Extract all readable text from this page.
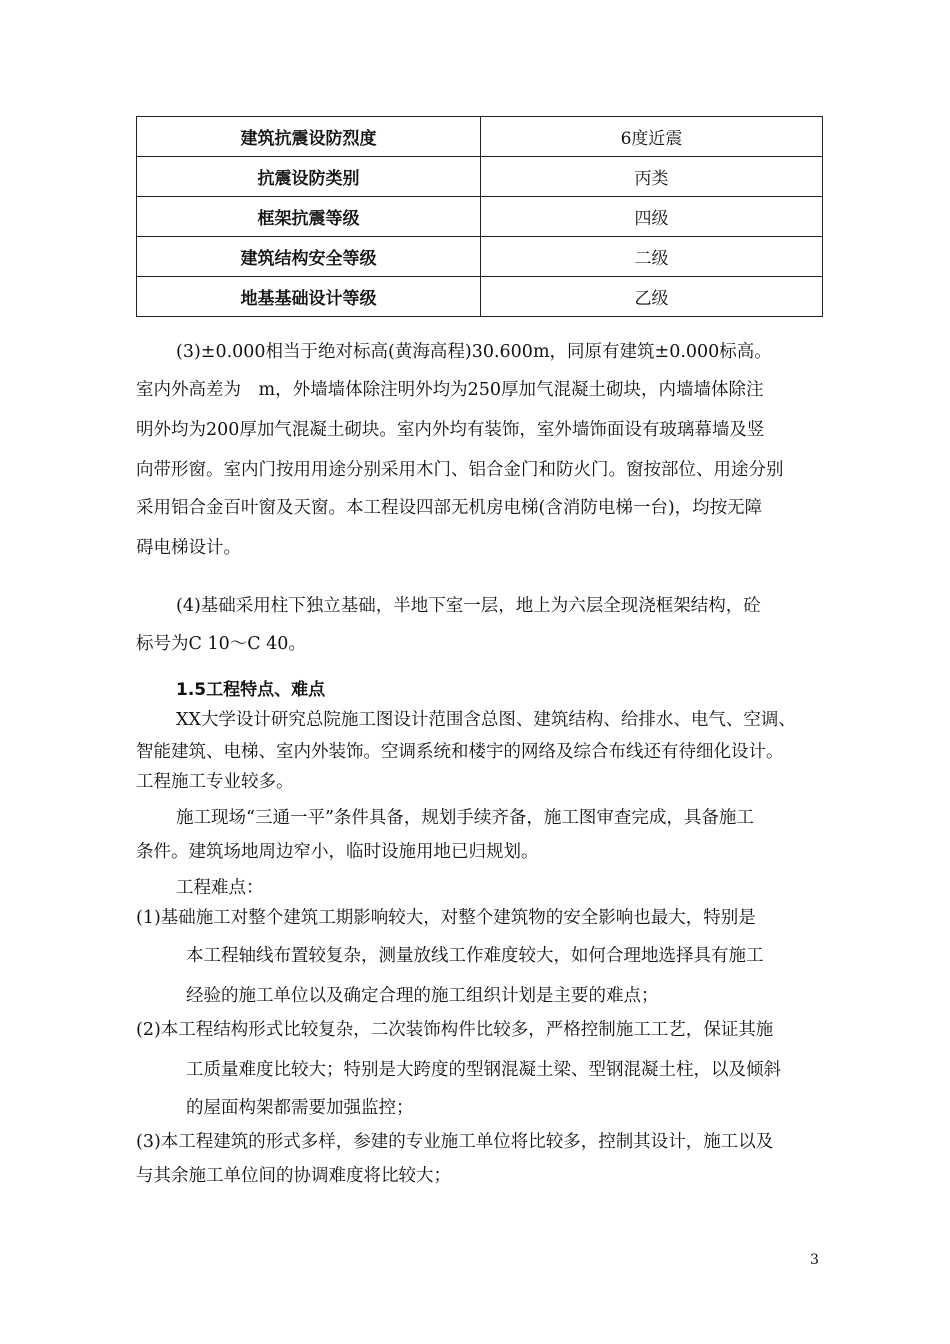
建筑抗震设防烈度	6度近震
抗震设防类别	丙类
框架抗震等级	四级
建筑结构安全等级	二级
地基基础设计等级	乙级
(3)±0.000相当于绝对标高(黄海高程)30.600m，同原有建筑±0.000标高。
室内外高差为　m，外墙墙体除注明外均为250厚加气混凝土砌块，内墙墙体除注
明外均为200厚加气混凝土砌块。室内外均有装饰，室外墙饰面设有玻璃幕墙及竖
向带形窗。室内门按用用途分别采用木门、铝合金门和防火门。窗按部位、用途分别
采用铝合金百叶窗及天窗。本工程设四部无机房电梯(含消防电梯一台)，均按无障
碍电梯设计。
(4)基础采用柱下独立基础，半地下室一层，地上为六层全现浇框架结构，砼
标号为C 10～C 40。
1.5工程特点、难点
XX大学设计研究总院施工图设计范围含总图、建筑结构、给排水、电气、空调、
智能建筑、电梯、室内外装饰。空调系统和楼宇的网络及综合布线还有待细化设计。
工程施工专业较多。
施工现场“三通一平”条件具备，规划手续齐备，施工图审查完成，具备施工
条件。建筑场地周边窄小，临时设施用地已归规划。
工程难点：
(1)基础施工对整个建筑工期影响较大，对整个建筑物的安全影响也最大，特别是
本工程轴线布置较复杂，测量放线工作难度较大，如何合理地选择具有施工
经验的施工单位以及确定合理的施工组织计划是主要的难点；
(2)本工程结构形式比较复杂，二次装饰构件比较多，严格控制施工工艺，保证其施
工质量难度比较大；特别是大跨度的型钢混凝土梁、型钢混凝土柱，以及倾斜
的屋面构架都需要加强监控；
(3)本工程建筑的形式多样，参建的专业施工单位将比较多，控制其设计，施工以及
与其余施工单位间的协调难度将比较大；
3
